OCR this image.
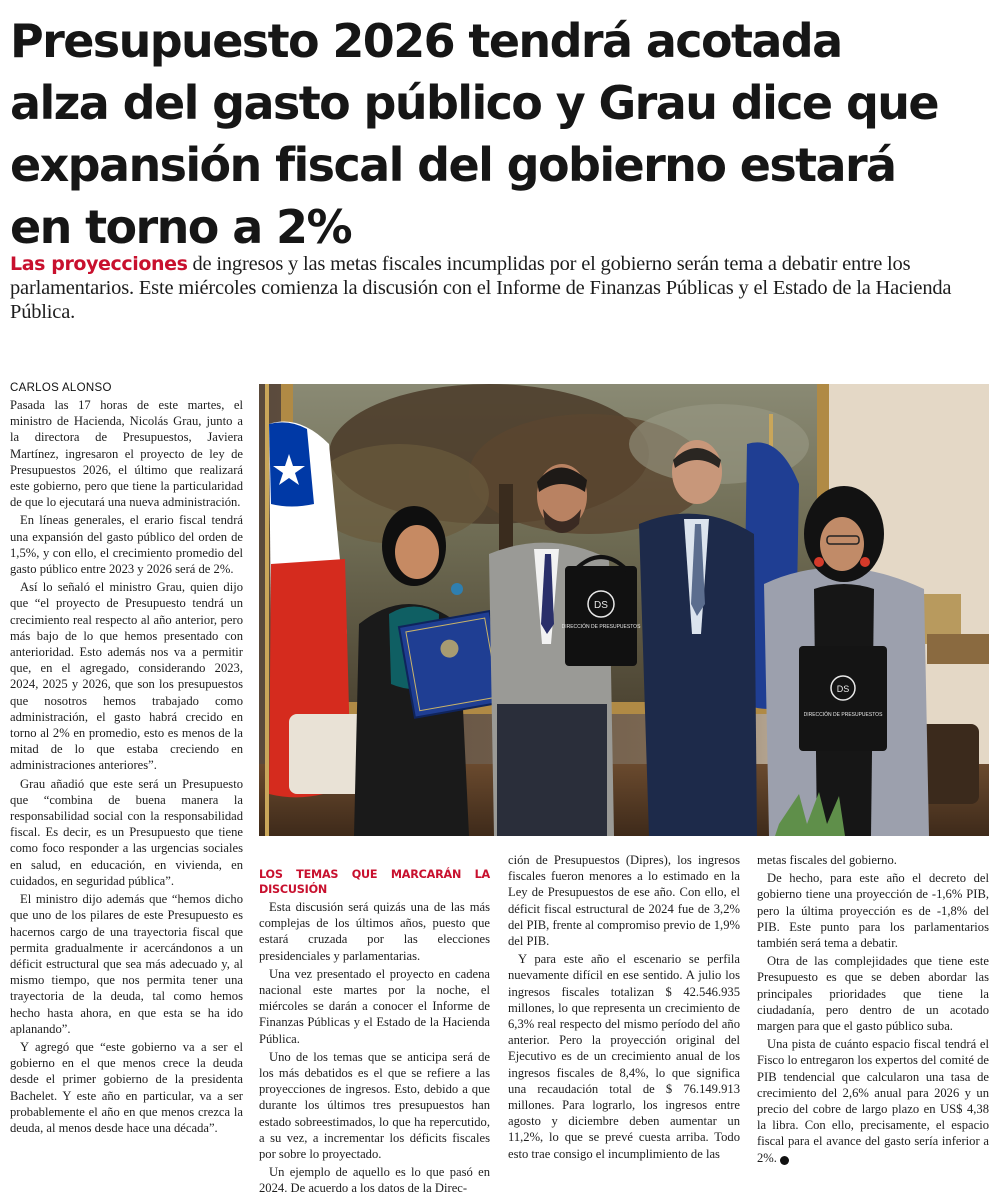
Presupuesto 2026 tendrá acotada
alza del gasto público y Grau dice que
expansión fiscal del gobierno estará
en torno a 2%

Las proyecciones de ingresos y las metas fiscales incumplidas por el gobierno serán tema a debatir entre los parlamentarios. Este miércoles comienza la discusión con el Informe de Finanzas Públicas y el Estado de la Hacienda Pública.

CARLOS ALONSO

Pasada las 17 horas de este martes, el ministro de Hacienda, Nicolás Grau, junto a la directora de Presupuestos, Javiera Martínez, ingresaron el proyecto de ley de Presupuestos 2026, el último que realizará este gobierno, pero que tiene la particularidad de que lo ejecutará una nueva administración.

En líneas generales, el erario fiscal tendrá una expansión del gasto público del orden de 1,5%, y con ello, el crecimiento promedio del gasto público entre 2023 y 2026 será de 2%.

Así lo señaló el ministro Grau, quien dijo que “el proyecto de Presupuesto tendrá un crecimiento real respecto al año anterior, pero más bajo de lo que hemos presentado con anterioridad. Esto además nos va a permitir que, en el agregado, considerando 2023, 2024, 2025 y 2026, que son los presupuestos que nosotros hemos trabajado como administración, el gasto habrá crecido en torno al 2% en promedio, esto es menos de la mitad de lo que estaba creciendo en administraciones anteriores”.

Grau añadió que este será un Presupuesto que “combina de buena manera la responsabilidad social con la responsabilidad fiscal. Es decir, es un Presupuesto que tiene como foco responder a las urgencias sociales en salud, en educación, en vivienda, en cuidados, en seguridad pública”.

El ministro dijo además que “hemos dicho que uno de los pilares de este Presupuesto es hacernos cargo de una trayectoria fiscal que permita gradualmente ir acercándonos a un déficit estructural que sea más adecuado y, al mismo tiempo, que nos permita tener una trayectoria de la deuda, tal como hemos hecho hasta ahora, en que esta se ha ido aplanando”.

Y agregó que “este gobierno va a ser el gobierno en el que menos crece la deuda desde el primer gobierno de la presidenta Bachelet. Y este año en particular, va a ser probablemente el año en que menos crezca la deuda, al menos desde hace una década”.

DS
DIRECCIÓN DE PRESUPUESTOS
DS
DIRECCIÓN DE PRESUPUESTOS
LOS TEMAS QUE MARCARÁN LA DISCUSIÓN

Esta discusión será quizás una de las más complejas de los últimos años, puesto que estará cruzada por las elecciones presidenciales y parlamentarias.

Una vez presentado el proyecto en cadena nacional este martes por la noche, el miércoles se darán a conocer el Informe de Finanzas Públicas y el Estado de la Hacienda Pública.

Uno de los temas que se anticipa será de los más debatidos es el que se refiere a las proyecciones de ingresos. Esto, debido a que durante los últimos tres presupuestos han estado sobreestimados, lo que ha repercutido, a su vez, a incrementar los déficits fiscales por sobre lo proyectado.

Un ejemplo de aquello es lo que pasó en 2024. De acuerdo a los datos de la Direc-

ción de Presupuestos (Dipres), los ingresos fiscales fueron menores a lo estimado en la Ley de Presupuestos de ese año. Con ello, el déficit fiscal estructural de 2024 fue de 3,2% del PIB, frente al compromiso previo de 1,9% del PIB.

Y para este año el escenario se perfila nuevamente difícil en ese sentido. A julio los ingresos fiscales totalizan $ 42.546.935 millones, lo que representa un crecimiento de 6,3% real respecto del mismo período del año anterior. Pero la proyección original del Ejecutivo es de un crecimiento anual de los ingresos fiscales de 8,4%, lo que significa una recaudación total de $ 76.149.913 millones. Para lograrlo, los ingresos entre agosto y diciembre deben aumentar un 11,2%, lo que se prevé cuesta arriba. Todo esto trae consigo el incumplimiento de las

metas fiscales del gobierno.

De hecho, para este año el decreto del gobierno tiene una proyección de -1,6% PIB, pero la última proyección es de -1,8% del PIB. Este punto para los parlamentarios también será tema a debatir.

Otra de las complejidades que tiene este Presupuesto es que se deben abordar las principales prioridades que tiene la ciudadanía, pero dentro de un acotado margen para que el gasto público suba.

Una pista de cuánto espacio fiscal tendrá el Fisco lo entregaron los expertos del comité de PIB tendencial que calcularon una tasa de crecimiento del 2,6% anual para 2026 y un precio del cobre de largo plazo en US$ 4,38 la libra. Con ello, precisamente, el espacio fiscal para el avance del gasto sería inferior a 2%. P
